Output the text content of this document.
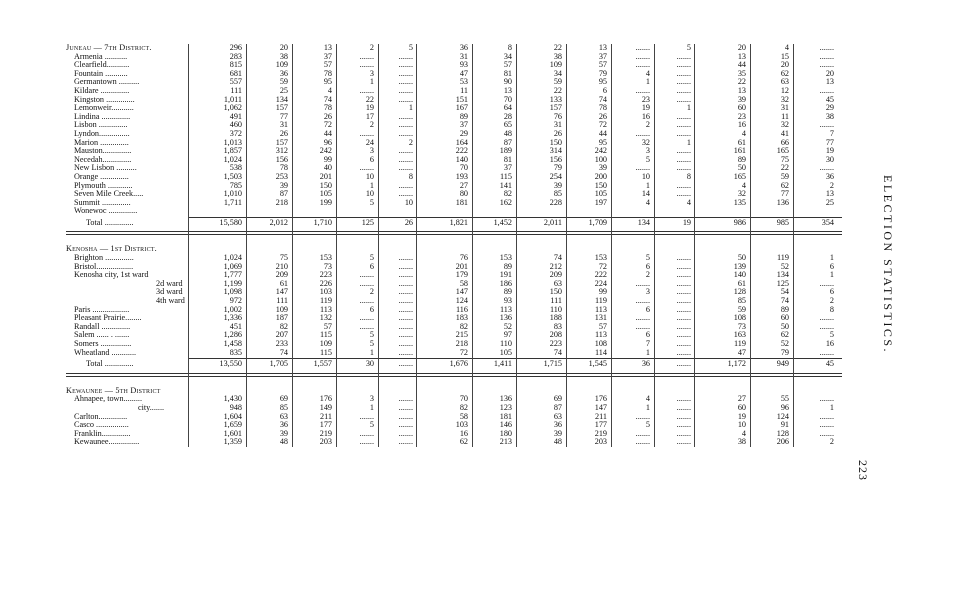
Juneau — 7th District.	296	20	13	2	5	36	8	22	13	.......	5	20	4	.......
Armenia ...........	283	38	37	.......	.......	31	34	38	37	.......	.......	13	15	.......
Clearfield...........	815	109	57	.......	.......	93	57	109	57	.......	.......	44	20	.......
Fountain ...........	681	36	78	3	.......	47	81	34	79	4	.......	35	62	20
Germantown ..........	557	59	95	1	.......	53	90	59	95	1	.......	22	63	13
Kildare ..............	111	25	4	.......	.......	11	13	22	6	.......	.......	13	12	.......
Kingston ..............	1,011	134	74	22	.......	151	70	133	74	23	.......	39	32	45
Lemonweir...........	1,062	157	78	19	1	167	64	157	78	19	1	60	31	29
Lindina ..............	491	77	26	17	.......	89	28	76	26	16	.......	23	11	38
Lisbon ..............	460	31	72	2	.......	37	65	31	72	2	.......	16	32	.......
Lyndon...............	372	26	44	.......	.......	29	48	26	44	.......	.......	4	41	7
Marion ..............	1,013	157	96	24	2	164	87	150	95	32	1	61	66	77
Mauston..............	1,857	312	242	3	.......	222	189	314	242	3	.......	161	165	19
Necedah..............	1,024	156	99	6	.......	140	81	156	100	5	.......	89	75	30
New Lisbon ..........	538	78	40	.......	.......	70	37	79	39	.......	.......	50	22	.......
Orange ..............	1,503	253	201	10	8	193	115	254	200	10	8	165	59	36
Plymouth ............	785	39	150	1	.......	27	141	39	150	1	.......	4	62	2
Seven Mile Creek.....	1,010	87	105	10	.......	80	82	85	105	14	.......	32	77	13
Summit ..............	1,711	218	199	5	10	181	162	228	197	4	4	135	136	25
Wonewoc ..............
Total ..............	15,580	2,012	1,710	125	26	1,821	1,452	2,011	1,709	134	19	986	985	354
Kenosha — 1st District.
Brighton ..............	1,024	75	153	5	.......	76	153	74	153	5	.......	50	119	1
Bristol..................	1,069	210	73	6	.......	201	89	212	72	6	.......	139	52	6
Kenosha city, 1st ward	1,777	209	223	.......	.......	179	191	209	222	2	.......	140	134	1
2d ward	1,199	61	226	.......	.......	58	186	63	224	.......	.......	61	125	.......
3d ward	1,098	147	103	2	.......	147	89	150	99	3	.......	128	54	6
4th ward	972	111	119	.......	.......	124	93	111	119	.......	.......	85	74	2
Paris ..................	1,002	109	113	6	.......	116	113	110	113	6	.......	59	89	8
Pleasant Prairie........	1,336	187	132	.......	.......	183	136	188	131	.......	.......	108	60	.......
Randall ..............	451	82	57	.......	.......	82	52	83	57	.......	.......	73	50	.......
Salem ...... . .......	1,286	207	115	5	.......	215	97	208	113	6	.......	163	62	5
Somers ...............	1,458	233	109	5	.......	218	110	223	108	7	.......	119	52	16
Wheatland ............	835	74	115	1	.......	72	105	74	114	1	.......	47	79	.......
Total ..............	13,550	1,705	1,557	30	.......	1,676	1,411	1,715	1,545	36	.......	1,172	949	45
Kewaunee — 5th District
Ahnapee, town.........	1,430	69	176	3	.......	70	136	69	176	4	.......	27	55	.......
city.......	948	85	149	1	.......	82	123	87	147	1	.......	60	96	1
Carlton..............	1,604	63	211	.......	.......	58	181	63	211	.......	.......	19	124	.......
Casco ................	1,659	36	177	5	.......	103	146	36	177	5	.......	10	91	.......
Franklin..............	1,601	39	219	.......	.......	16	180	39	219	.......	.......	4	128	.......
Kewaunee...............	1,359	48	203	.......	.......	62	213	48	203	.......	.......	38	206	2
ELECTION STATISTICS.
223
